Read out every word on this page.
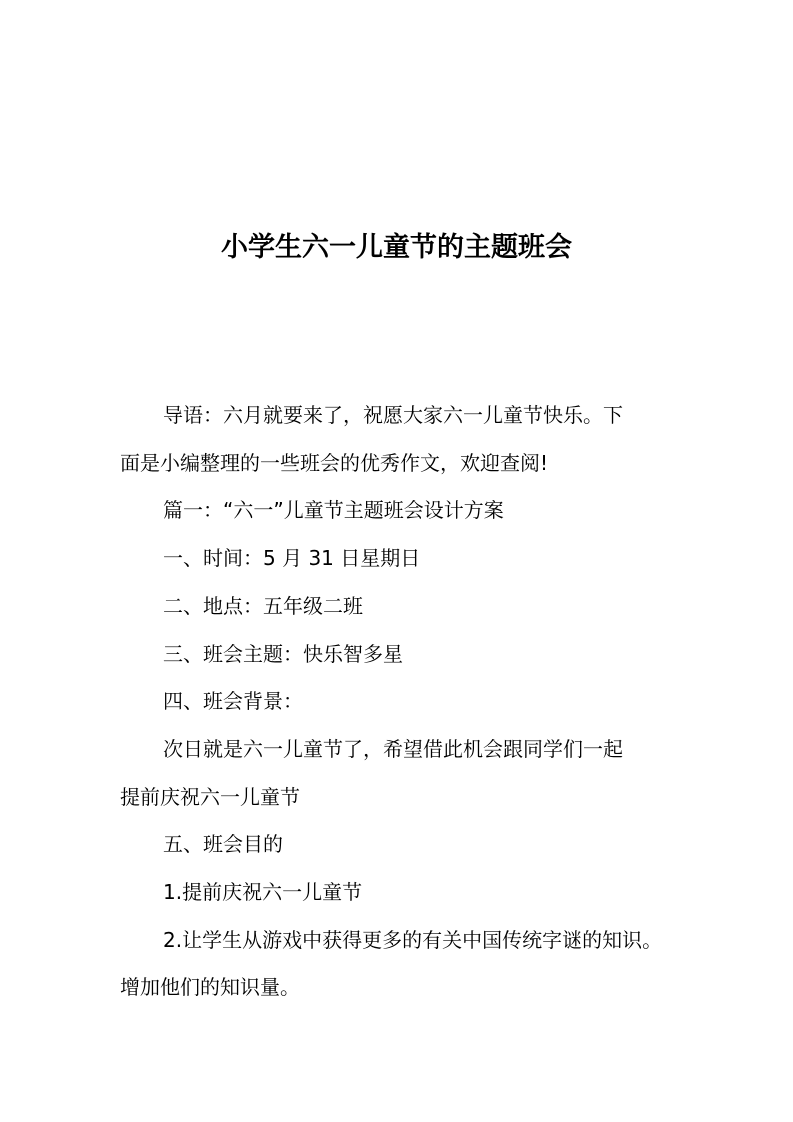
小学生六一儿童节的主题班会

导语：六月就要来了，祝愿大家六一儿童节快乐。下

面是小编整理的一些班会的优秀作文，欢迎查阅!

篇一：“六一”儿童节主题班会设计方案

一、时间：5 月 31 日星期日

二、地点：五年级二班

三、班会主题：快乐智多星

四、班会背景：

次日就是六一儿童节了，希望借此机会跟同学们一起

提前庆祝六一儿童节

五、班会目的

1.提前庆祝六一儿童节

2.让学生从游戏中获得更多的有关中国传统字谜的知识。

增加他们的知识量。
